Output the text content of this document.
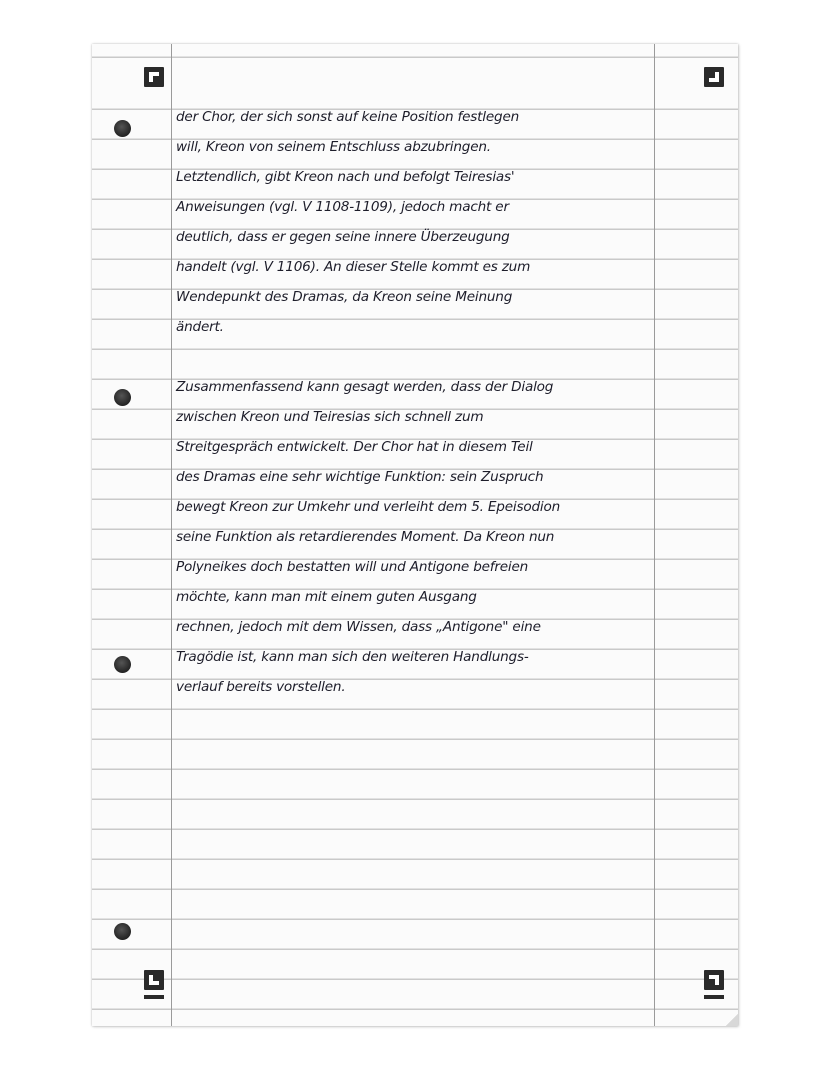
der Chor, der sich sonst auf keine Position festlegen
will, Kreon von seinem Entschluss abzubringen.
Letztendlich, gibt Kreon nach und befolgt Teiresias'
Anweisungen (vgl. V 1108-1109), jedoch macht er
deutlich, dass er gegen seine innere Überzeugung
handelt (vgl. V 1106). An dieser Stelle kommt es zum
Wendepunkt des Dramas, da Kreon seine Meinung
ändert.
Zusammenfassend kann gesagt werden, dass der Dialog
zwischen Kreon und Teiresias sich schnell zum
Streitgespräch entwickelt. Der Chor hat in diesem Teil
des Dramas eine sehr wichtige Funktion: sein Zuspruch
bewegt Kreon zur Umkehr und verleiht dem 5. Epeisodion
seine Funktion als retardierendes Moment. Da Kreon nun
Polyneikes doch bestatten will und Antigone befreien
möchte, kann man mit einem guten Ausgang
rechnen, jedoch mit dem Wissen, dass „Antigone" eine
Tragödie ist, kann man sich den weiteren Handlungs-
verlauf bereits vorstellen.
